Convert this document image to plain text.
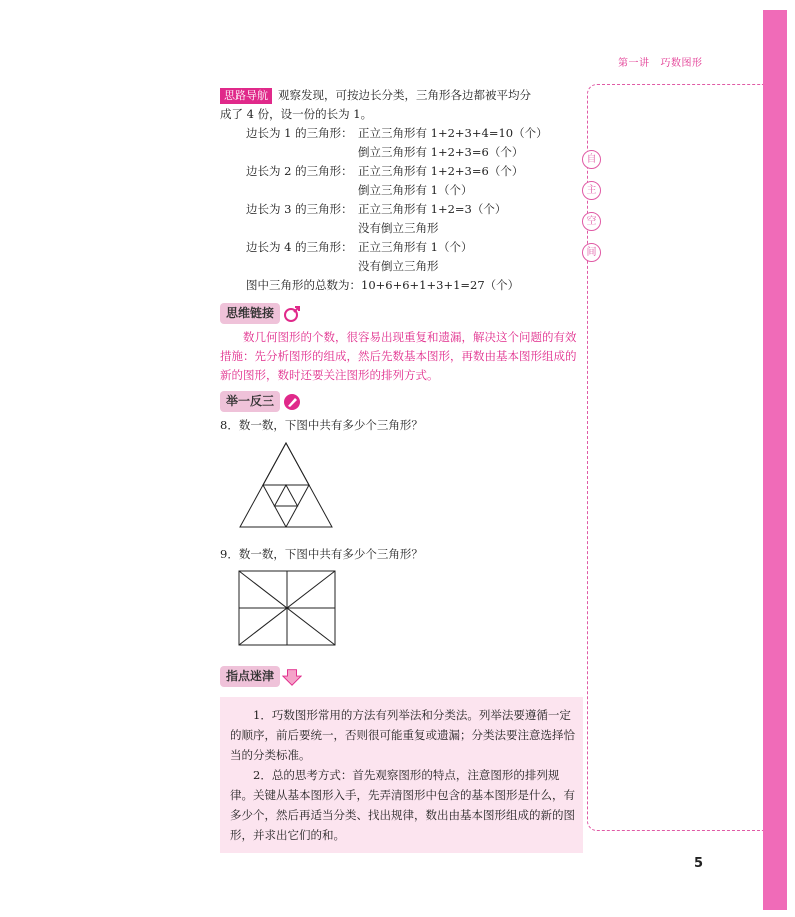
第一讲 巧数图形
自
主
空
间
思路导航 观察发现，可按边长分类，三角形各边都被平均分
成了 4 份，设一份的长为 1。
边长为 1 的三角形： 正立三角形有 1+2+3+4=10（个）
倒立三角形有 1+2+3=6（个）
边长为 2 的三角形： 正立三角形有 1+2+3=6（个）
倒立三角形有 1（个）
边长为 3 的三角形： 正立三角形有 1+2=3（个）
没有倒立三角形
边长为 4 的三角形： 正立三角形有 1（个）
没有倒立三角形
图中三角形的总数为：10+6+6+1+3+1=27（个）
思维链接
数几何图形的个数，很容易出现重复和遗漏，解决这个问题的有效措施：先分析图形的组成，然后先数基本图形，再数由基本图形组成的新的图形，数时还要关注图形的排列方式。
举一反三
8．数一数，下图中共有多少个三角形？
9．数一数，下图中共有多少个三角形？
指点迷津
1．巧数图形常用的方法有列举法和分类法。列举法要遵循一定的顺序，前后要统一，否则很可能重复或遗漏；分类法要注意选择恰当的分类标准。
2．总的思考方式：首先观察图形的特点，注意图形的排列规律。关键从基本图形入手，先弄清图形中包含的基本图形是什么，有多少个，然后再适当分类、找出规律，数出由基本图形组成的新的图形，并求出它们的和。
5
